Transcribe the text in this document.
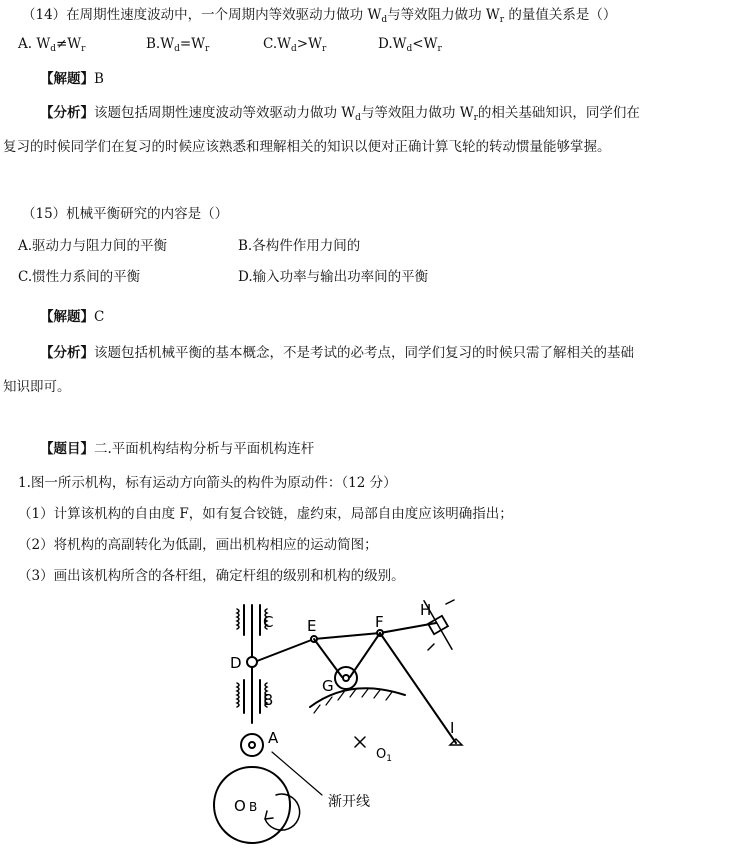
（14）在周期性速度波动中，一个周期内等效驱动力做功 $W_d$与等效阻力做功 $W_r$ 的量值关系是（）
A. $W_d\ne W_r$	$B.W_d=W_r$	$C.W_d>W_r$	$D.W_d<W_r$
【解题】B
【分析】该题包括周期性速度波动等效驱动力做功 $W_d$与等效阻力做功 $W_r$的相关基础知识，同学们在
复习的时候同学们在复习的时候应该熟悉和理解相关的知识以便对正确计算飞轮的转动惯量能够掌握。
（15）机械平衡研究的内容是（）
A.驱动力与阻力间的平衡	B.各构件作用力间的
C.惯性力系间的平衡	D.输入功率与输出功率间的平衡
【解题】C
【分析】该题包括机械平衡的基本概念，不是考试的必考点，同学们复习的时候只需了解相关的基础
知识即可。
【题目】二.平面机构结构分析与平面机构连杆
1.图一所示机构，标有运动方向箭头的构件为原动件：（12 分）
（1）计算该机构的自由度 F，如有复合铰链，虚约束，局部自由度应该明确指出；
（2）将机构的高副转化为低副，画出机构相应的运动简图；
（3）画出该机构所含的各杆组，确定杆组的级别和机构的级别。
C
D
E	F
H
G
B
A
I
$O_1$
O B	渐开线
